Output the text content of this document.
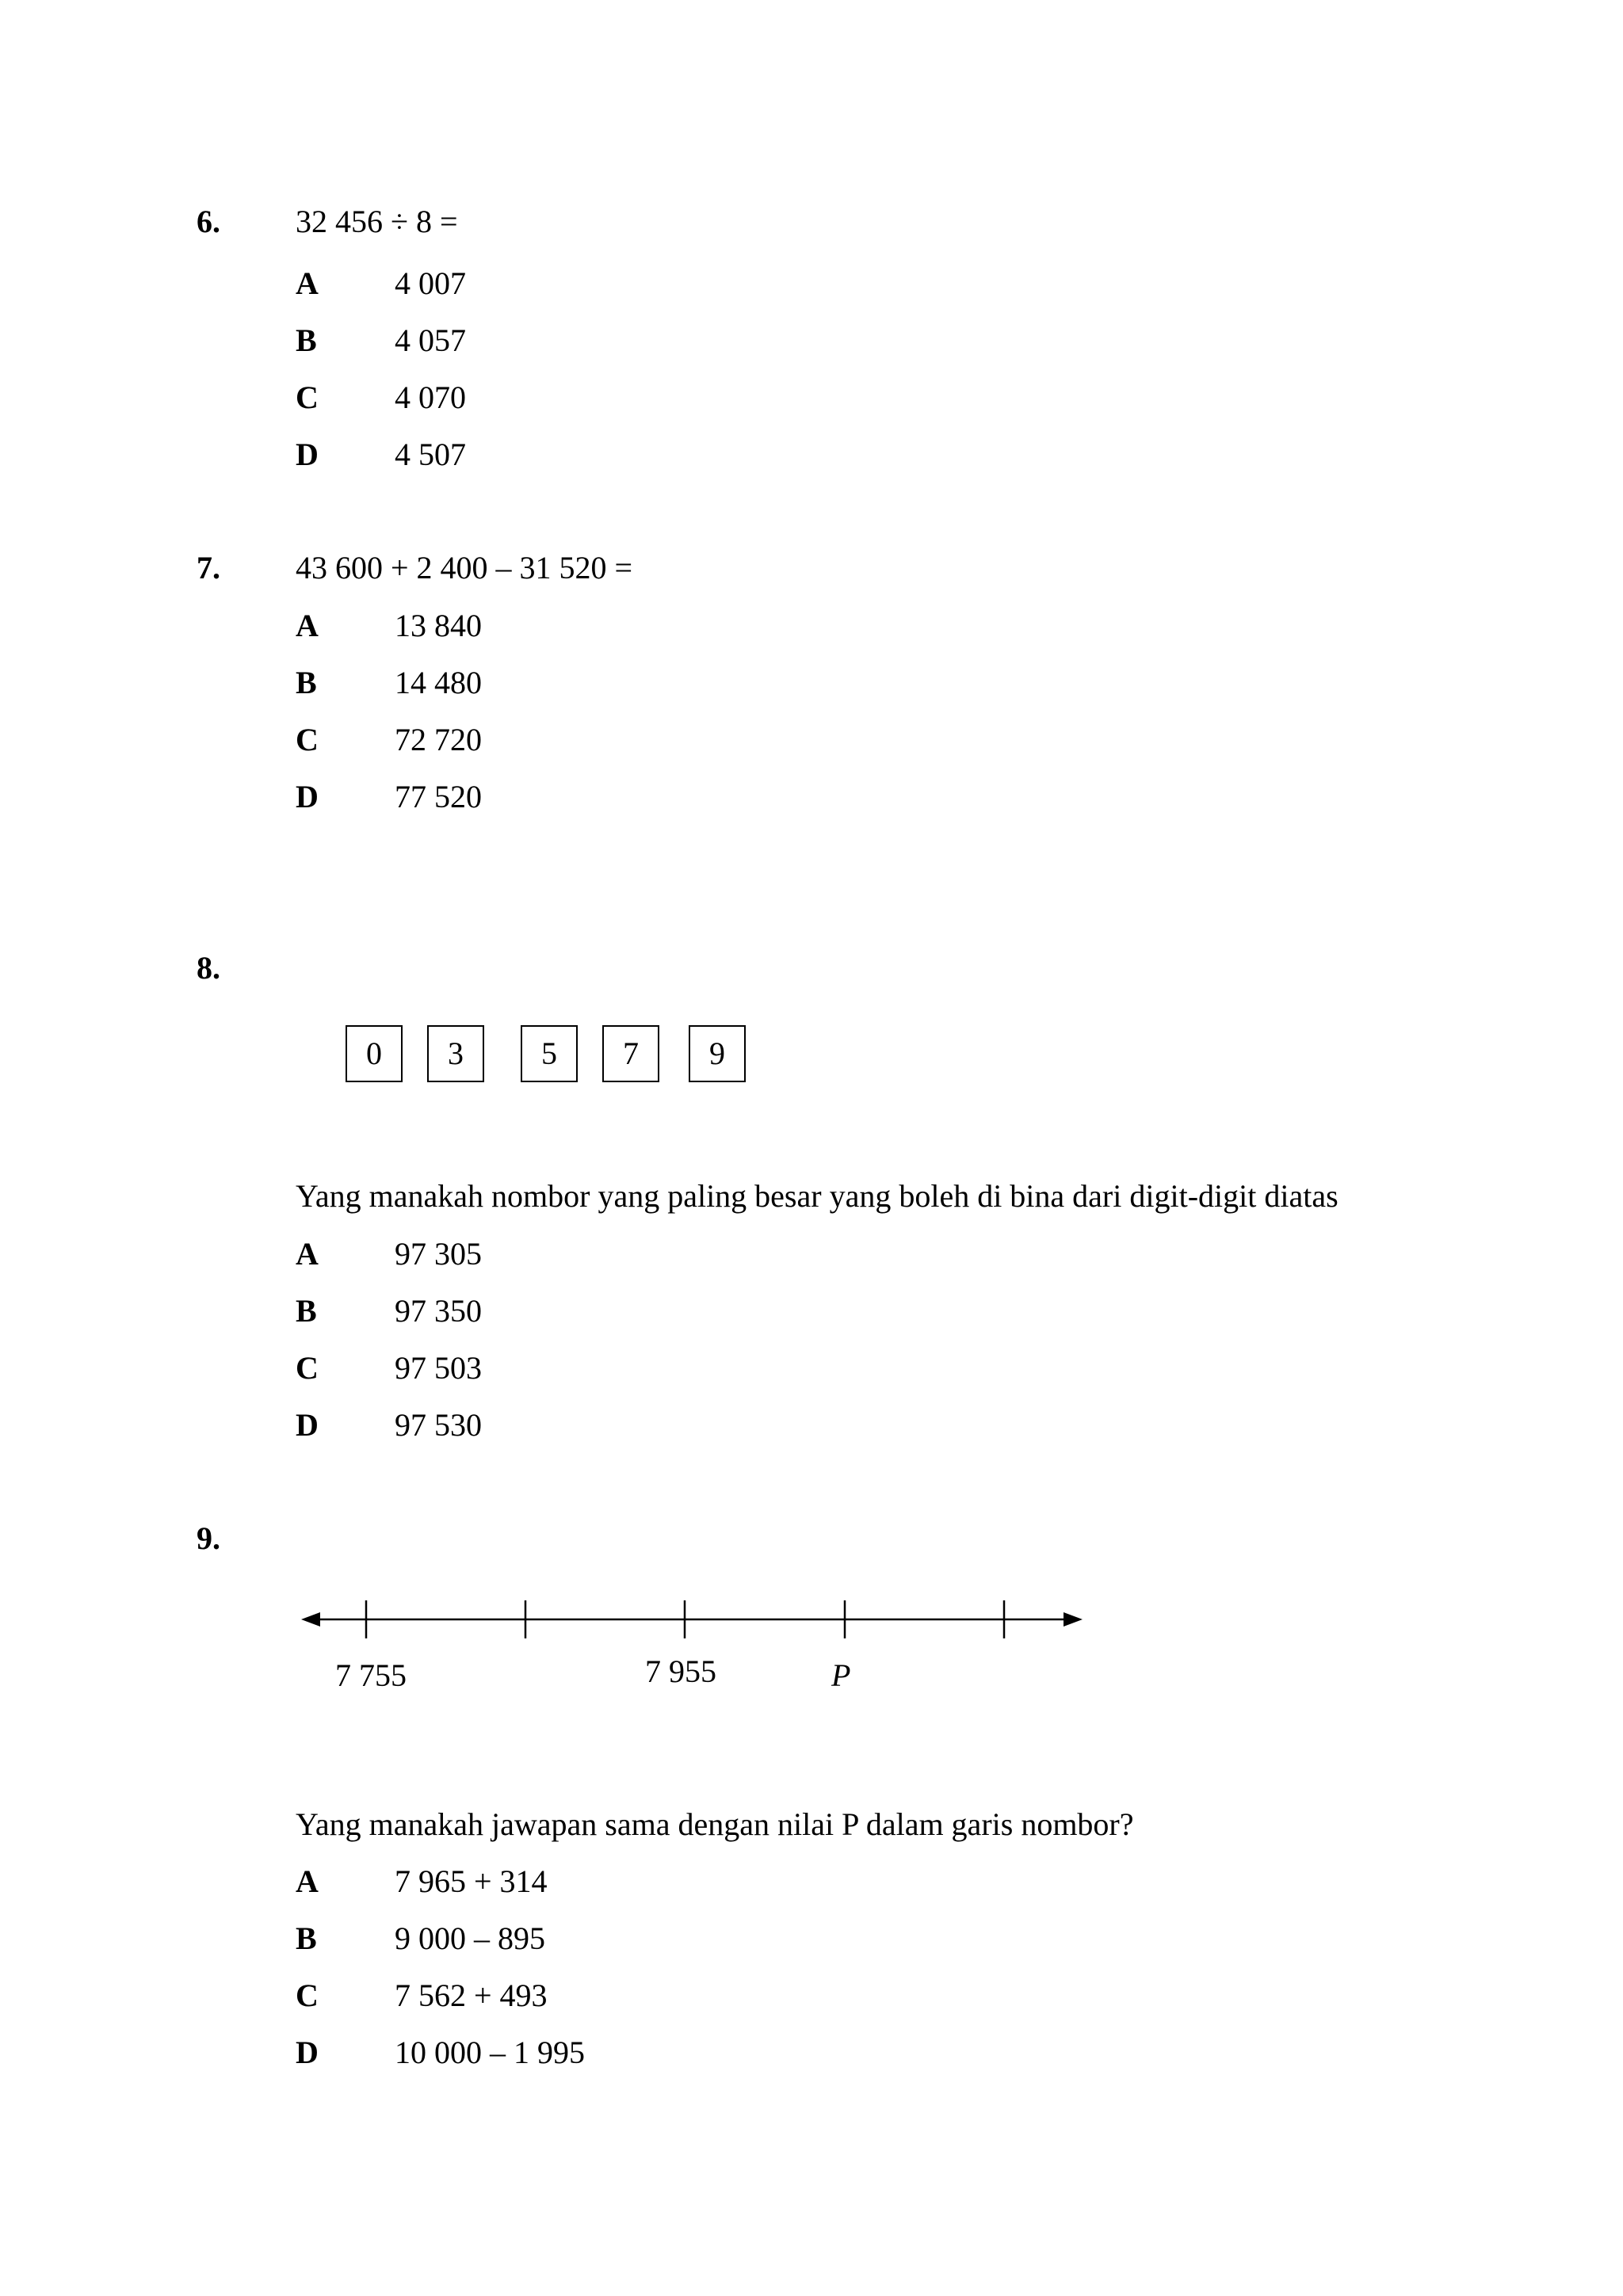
6. 32 456 ÷ 8 =
A 4 007
B 4 057
C 4 070
D 4 507
7. 43 600 + 2 400 – 31 520 =
A 13 840
B 14 480
C 72 720
D 77 520
8.
0	3	5	7	9
Yang manakah nombor yang paling besar yang boleh di bina dari digit-digit diatas
A 97 305
B 97 350
C 97 503
D 97 530
9.
7 755	7 955	P
Yang manakah jawapan sama dengan nilai P dalam garis nombor?
A 7 965 + 314
B 9 000 – 895
C 7 562 + 493
D 10 000 – 1 995
